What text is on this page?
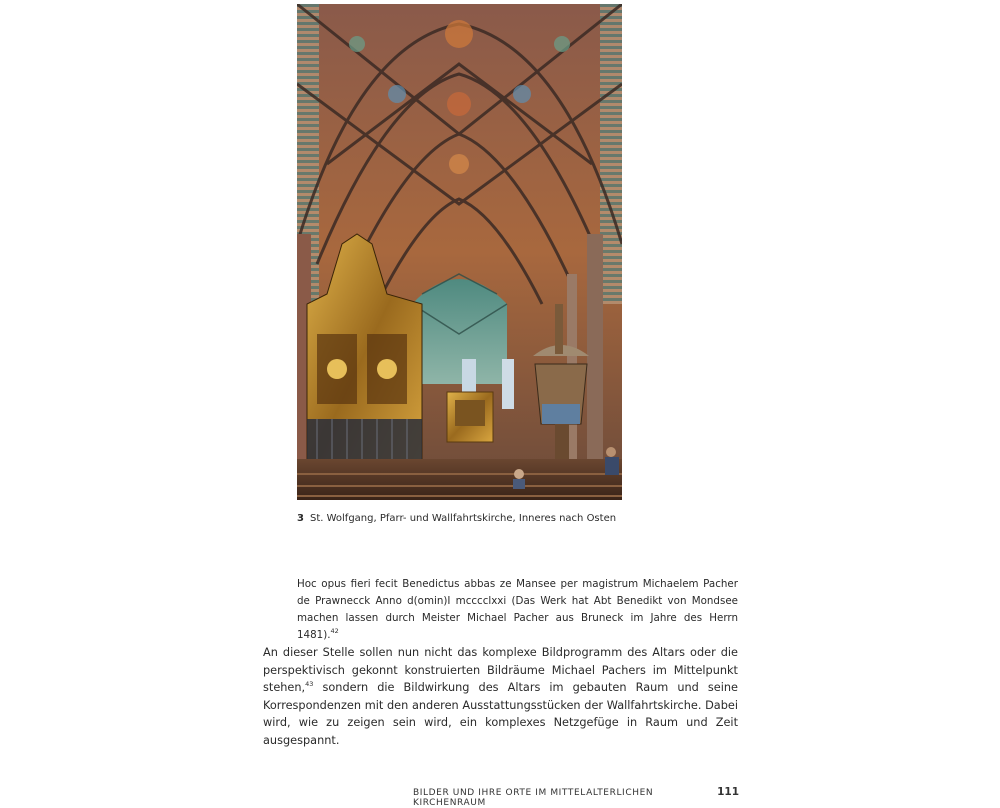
3 St. Wolfgang, Pfarr- und Wallfahrtskirche, Inneres nach Osten
Hoc opus fieri fecit Benedictus abbas ze Mansee per magistrum Michaelem Pacher de Prawnecck Anno d(omin)I mcccclxxi (Das Werk hat Abt Benedikt von Mondsee machen lassen durch Meister Michael Pacher aus Bruneck im Jahre des Herrn 1481).$^{42}$
An dieser Stelle sollen nun nicht das komplexe Bildprogramm des Altars oder die perspektivisch gekonnt konstruierten Bildräume Michael Pachers im Mittelpunkt stehen,$^{43}$ sondern die Bildwirkung des Altars im gebauten Raum und seine Korrespondenzen mit den anderen Ausstattungsstücken der Wallfahrtskirche. Dabei wird, wie zu zeigen sein wird, ein komplexes Netzgefüge in Raum und Zeit ausgespannt.
BILDER UND IHRE ORTE IM MITTELALTERLICHEN KIRCHENRAUM
111
